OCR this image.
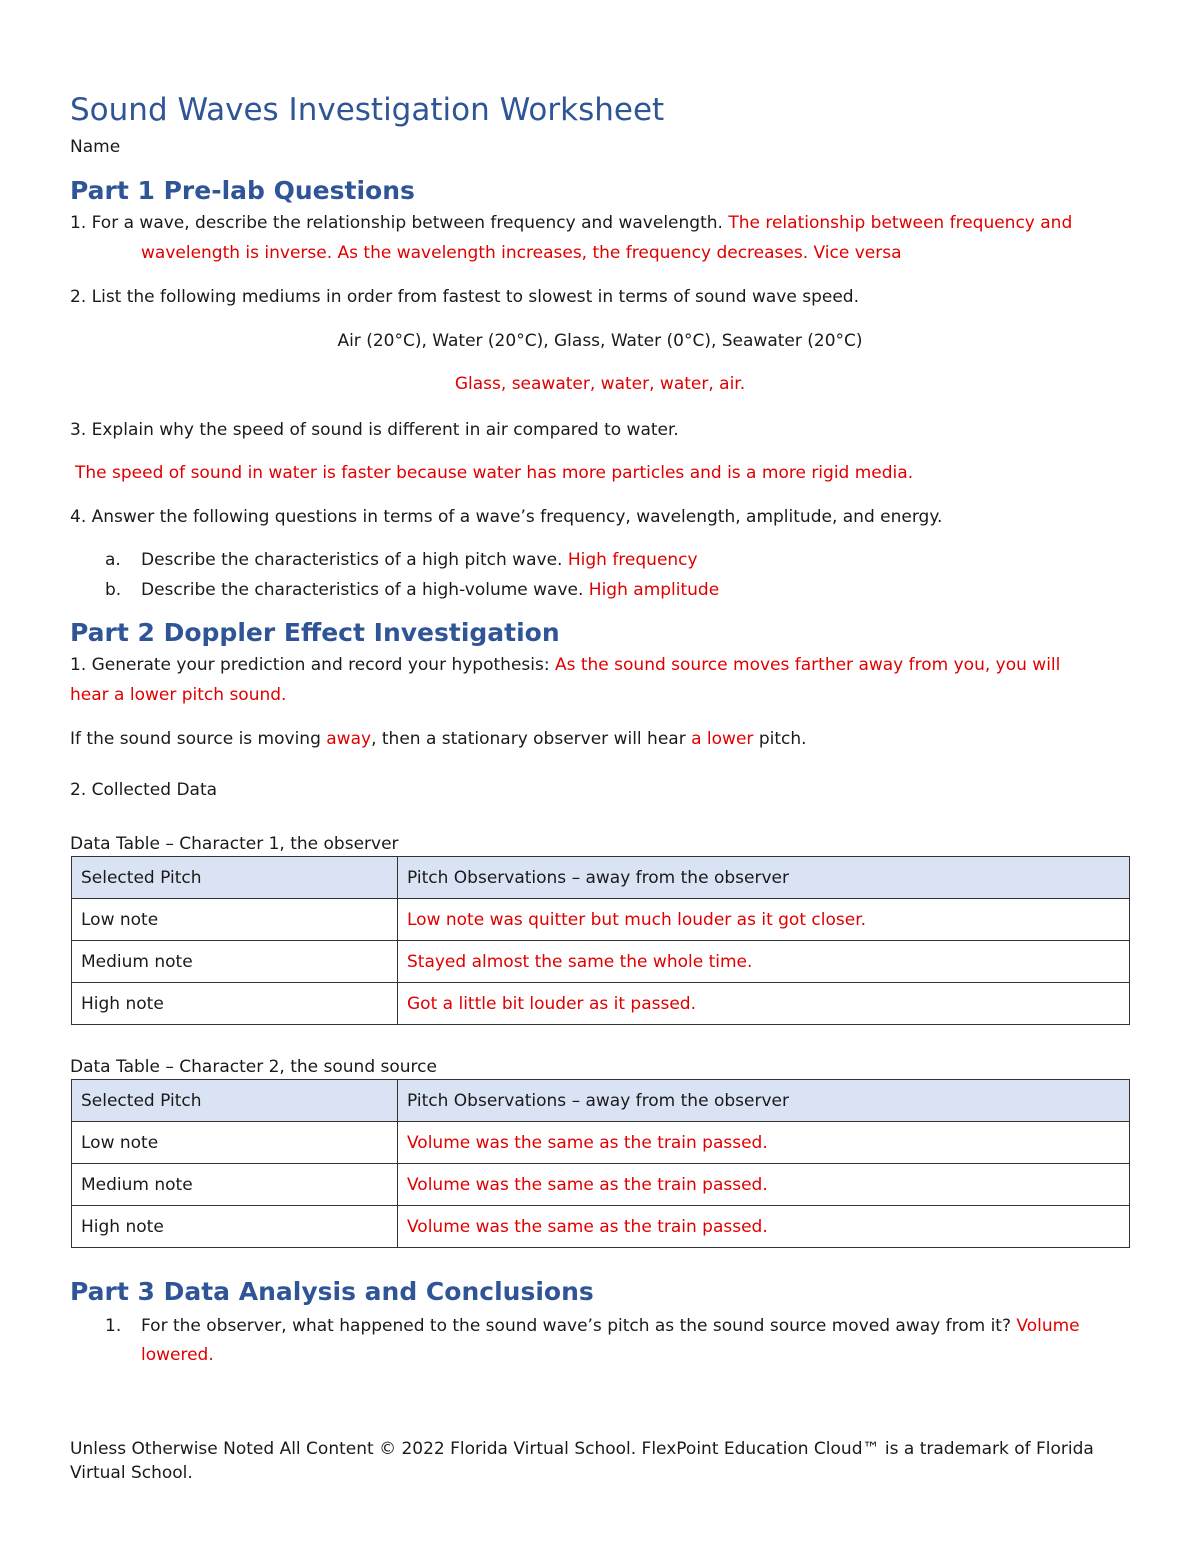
Sound Waves Investigation Worksheet
Name
Part 1 Pre-lab Questions
1. For a wave, describe the relationship between frequency and wavelength. The relationship between frequency and
wavelength is inverse. As the wavelength increases, the frequency decreases. Vice versa
2. List the following mediums in order from fastest to slowest in terms of sound wave speed.
Air (20°C), Water (20°C), Glass, Water (0°C), Seawater (20°C)
Glass, seawater, water, water, air.
3. Explain why the speed of sound is different in air compared to water.
The speed of sound in water is faster because water has more particles and is a more rigid media.
4. Answer the following questions in terms of a wave’s frequency, wavelength, amplitude, and energy.
a. Describe the characteristics of a high pitch wave. High frequency
b. Describe the characteristics of a high-volume wave. High amplitude
Part 2 Doppler Effect Investigation
1. Generate your prediction and record your hypothesis: As the sound source moves farther away from you, you will
hear a lower pitch sound.
If the sound source is moving away, then a stationary observer will hear a lower pitch.
2. Collected Data
Data Table – Character 1, the observer
Selected Pitch	Pitch Observations – away from the observer
Low note	Low note was quitter but much louder as it got closer.
Medium note	Stayed almost the same the whole time.
High note	Got a little bit louder as it passed.
Data Table – Character 2, the sound source
Selected Pitch	Pitch Observations – away from the observer
Low note	Volume was the same as the train passed.
Medium note	Volume was the same as the train passed.
High note	Volume was the same as the train passed.
Part 3 Data Analysis and Conclusions
1. For the observer, what happened to the sound wave’s pitch as the sound source moved away from it? Volume
lowered.
Unless Otherwise Noted All Content © 2022 Florida Virtual School. FlexPoint Education Cloud™ is a trademark of Florida Virtual School.
